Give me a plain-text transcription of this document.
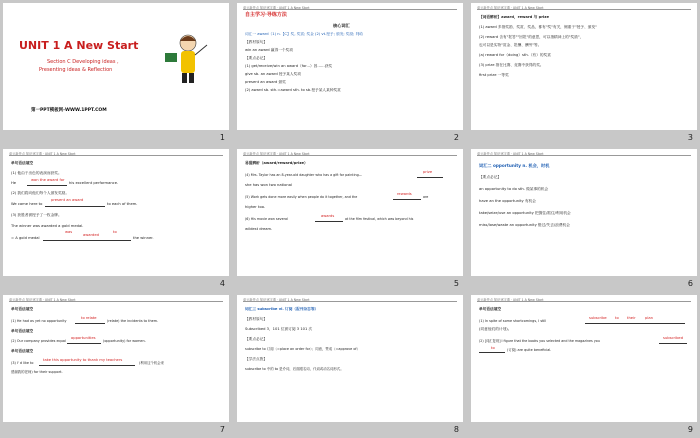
UNIT 1 A New Start
Section C Developing ideas ,
Presenting ideas & Reflection
第一PPT模板网-WWW.1PPT.COM
1
单元新考点 知识逐字通 · UNIT 1 A New Start
自主学习·导练方法
核心词汇
词汇一 award（1) n.【C】奖, 奖赏; 奖金 (2) vt.授予; 颁发; 奖励; 判给
【教材原句】
win an award 赢得一个奖项
【要点必记】
(1) get/receive/win an award（for...）因……获奖
give sb. an award 授予某人奖项
present an award 颁奖
(2) award sb. sth.=award sth. to sb.授予某人某种奖赏
2
单元新考点 知识逐字通 · UNIT 1 A New Start
【词语辨析】award，reward 与 prize
(1) award 多指奖励、奖赏、奖品，都有"奖"有关，侧重于"授予、颁发"
(2) reward 含有"报答""回报"的意思，可以指精神上的"奖励"，
也可以是实物"赏金、报酬、酬劳"等。
(a) reward for（doing）sth.（有）的奖赏
(3) prize 指在比赛、竞赛中获得的奖。
first prize 一等奖
3
单元新考点 知识逐字通 · UNIT 1 A New Start
单句语法填空
(1) 他由于出色的表演而获奖。
He
won the award for
his excellent performance.
(2) 我们将向他们每个人颁发奖励。
present an award
We came here to	to each of them.
(3) 获胜者被授予了一枚金牌。
The winner was awarded a gold medal.
was
awarded
to
= A gold medal	the winner.
4
单元新考点 知识逐字通 · UNIT 1 A New Start
易混辨析（award/reward/prize）
(4) Mrs. Taylor has an 8-year-old daughter who has a gift for painting—
prize
she has won two national
(5) Work gets done more easily when people do it together, and the
rewards
are
higher too.
(6) His movie won several
awards
at the film festival, which was beyond his
wildest dream.
5
单元新考点 知识逐字通 · UNIT 1 A New Start
词汇二 opportunity n. 机会，时机
【要点必记】
an opportunity to do sth. 做某事的机会
have an the opportunity 有机会
take/seize/use an opportunity 把握住/抓住/利用机会
miss/lose/waste an opportunity 错过/失去/浪费机会
6
单元新考点 知识逐字通 · UNIT 1 A New Start
单句语法填空
(1) He had as yet no opportunity
to relate
(relate) the incidents to them.
单句语法填空
(2) Our company provides equal
opportunities
(opportunity) for women.
单句语法填空
(3) I' d like to
take this opportunity to thank my teachers
(利用这个机会来
感谢我的老师) for their support.
7
单元新考点 知识逐字通 · UNIT 1 A New Start
词汇三 subscribe vi. 订阅（报刊杂志等）
【教材原句】
Subscribed 3，101 位被订阅 3 101 次
【要点必记】
subscribe to 订阅（=place an order for）；同意，赞成（=approve of）
【学法点拨】
subscribe to 中的 to 是介词，后面跟名词、代词或动名词形式。
8
单元新考点 知识逐字通 · UNIT 1 A New Start
单句语法填空
(1) In spite of some shortcomings, I still
subscribe to their	plan
(同意他们的计划)。
(2) [词汇复现] I figure that the books you selected and the magazines you
subscribed
to	(订阅) are quite beneficial.
9
